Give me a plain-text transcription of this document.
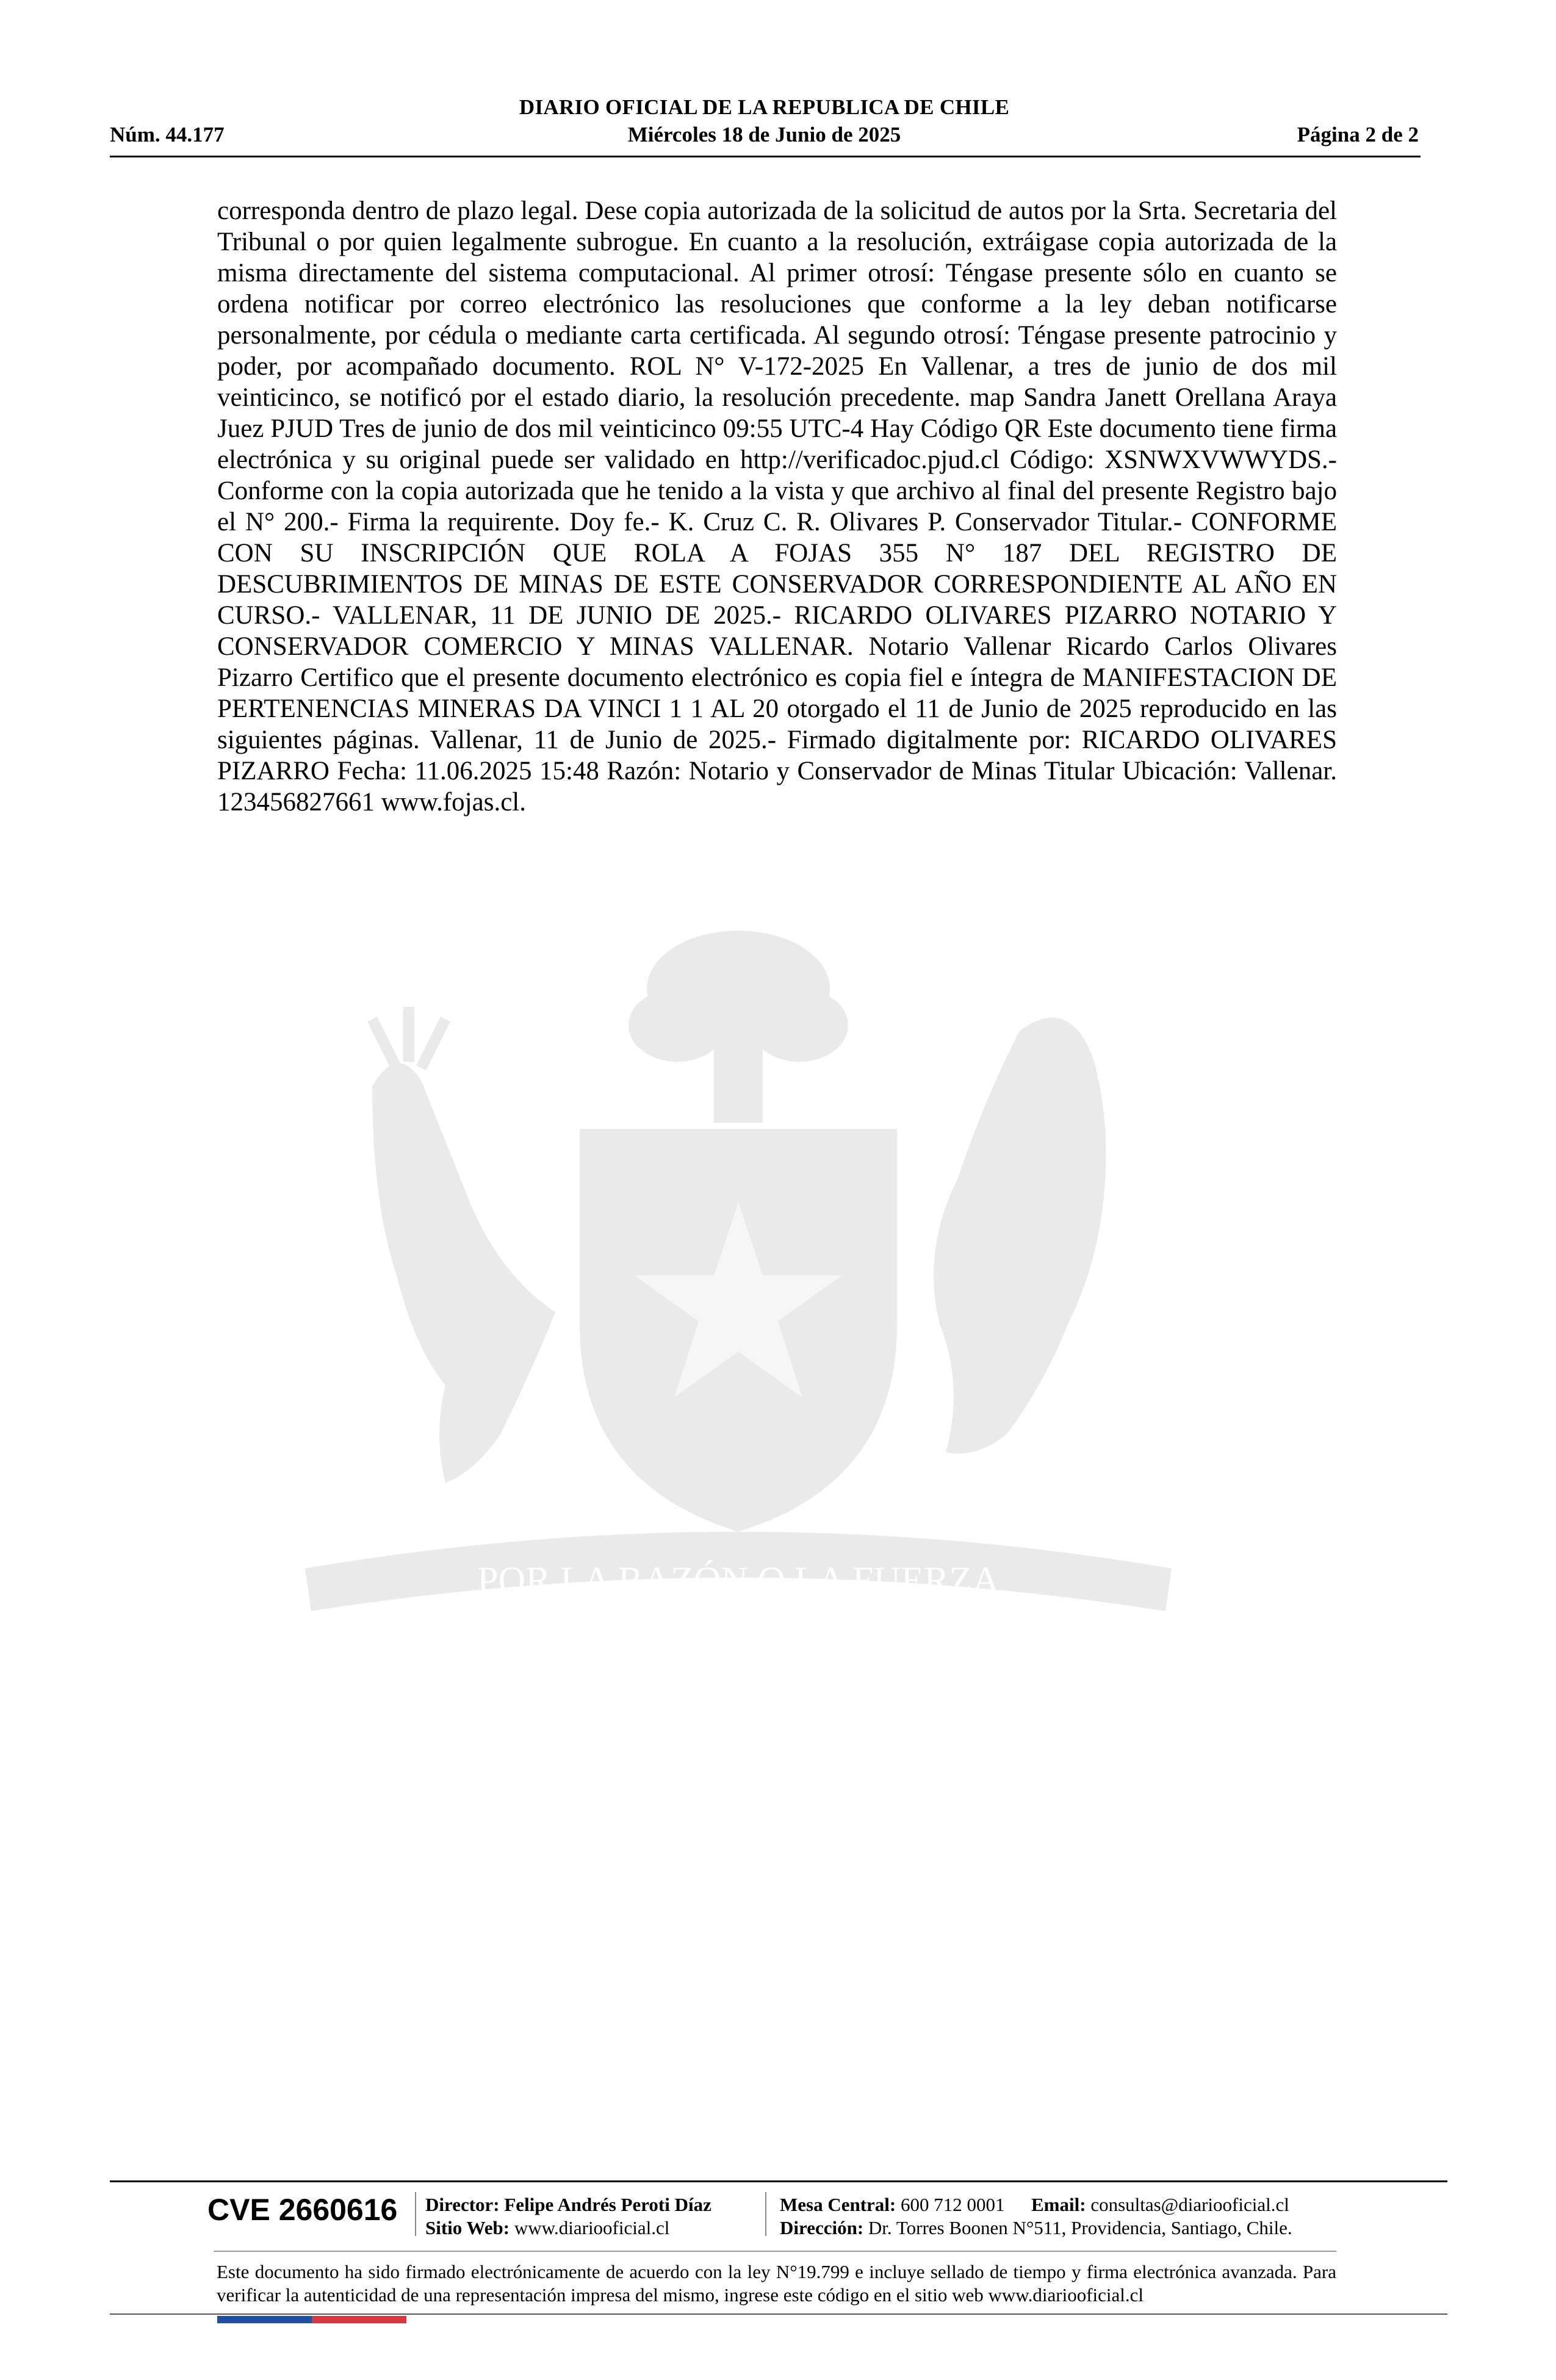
DIARIO OFICIAL DE LA REPUBLICA DE CHILE
Núm. 44.177	Miércoles 18 de Junio de 2025	Página 2 de 2
corresponda dentro de plazo legal. Dese copia autorizada de la solicitud de autos por la Srta. Secretaria del Tribunal o por quien legalmente subrogue. En cuanto a la resolución, extráigase copia autorizada de la misma directamente del sistema computacional. Al primer otrosí: Téngase presente sólo en cuanto se ordena notificar por correo electrónico las resoluciones que conforme a la ley deban notificarse personalmente, por cédula o mediante carta certificada. Al segundo otrosí: Téngase presente patrocinio y poder, por acompañado documento. ROL N° V-172-2025 En Vallenar, a tres de junio de dos mil veinticinco, se notificó por el estado diario, la resolución precedente. map Sandra Janett Orellana Araya Juez PJUD Tres de junio de dos mil veinticinco 09:55 UTC-4 Hay Código QR Este documento tiene firma electrónica y su original puede ser validado en http://verificadoc.pjud.cl Código: XSNWXVWWYDS.- Conforme con la copia autorizada que he tenido a la vista y que archivo al final del presente Registro bajo el N° 200.- Firma la requirente. Doy fe.- K. Cruz C. R. Olivares P. Conservador Titular.- CONFORME CON SU INSCRIPCIÓN QUE ROLA A FOJAS 355 N° 187 DEL REGISTRO DE DESCUBRIMIENTOS DE MINAS DE ESTE CONSERVADOR CORRESPONDIENTE AL AÑO EN CURSO.- VALLENAR, 11 DE JUNIO DE 2025.- RICARDO OLIVARES PIZARRO NOTARIO Y CONSERVADOR COMERCIO Y MINAS VALLENAR. Notario Vallenar Ricardo Carlos Olivares Pizarro Certifico que el presente documento electrónico es copia fiel e íntegra de MANIFESTACION DE PERTENENCIAS MINERAS DA VINCI 1 1 AL 20 otorgado el 11 de Junio de 2025 reproducido en las siguientes páginas. Vallenar, 11 de Junio de 2025.- Firmado digitalmente por: RICARDO OLIVARES PIZARRO Fecha: 11.06.2025 15:48 Razón: Notario y Conservador de Minas Titular Ubicación: Vallenar. 123456827661 www.fojas.cl.
POR LA RAZÓN O LA FUERZA
CVE 2660616 Director: Felipe Andrés Peroti Díaz
Sitio Web: www.diariooficial.cl
Mesa Central: 600 712 0001 Email: consultas@diariooficial.cl
Dirección: Dr. Torres Boonen N°511, Providencia, Santiago, Chile.
Este documento ha sido firmado electrónicamente de acuerdo con la ley N°19.799 e incluye sellado de tiempo y firma electrónica avanzada. Para verificar la autenticidad de una representación impresa del mismo, ingrese este código en el sitio web www.diariooficial.cl
